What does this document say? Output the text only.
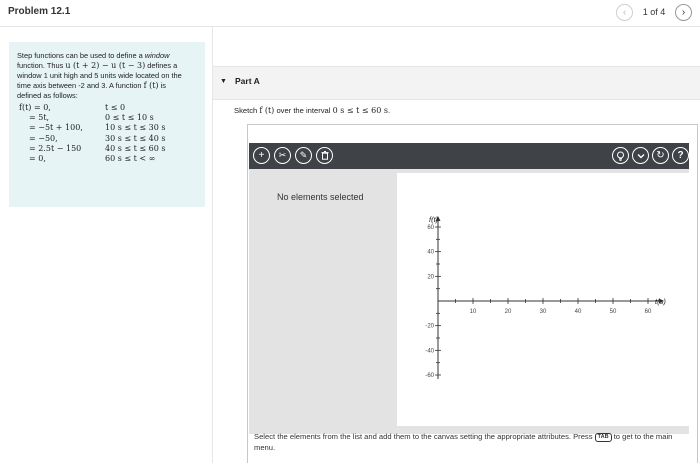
Problem 12.1	‹	1 of 4	›
Step functions can be used to define a window
function. Thus u (t + 2) − u (t − 3) defines a
window 1 unit high and 5 units wide located on the
time axis between -2 and 3. A function f (t) is
defined as follows:
f(t) = 0,	t ≤ 0
= 5t,	0 ≤ t ≤ 10 s
= −5t + 100,	10 s ≤ t ≤ 30 s
= −50,	30 s ≤ t ≤ 40 s
= 2.5t − 150	40 s ≤ t ≤ 60 s
= 0,	60 s ≤ t < ∞
▼ Part A
Sketch f (t) over the interval 0 s ≤ t ≤ 60 s.
+	✂	✎	↻	?
No elements selected
f(t)
t(s)
10	20	30	40	50	60
60
40
20
-20
-40
-60
Select the elements from the list and add them to the canvas setting the appropriate attributes. Press TAB to get to the main menu.
